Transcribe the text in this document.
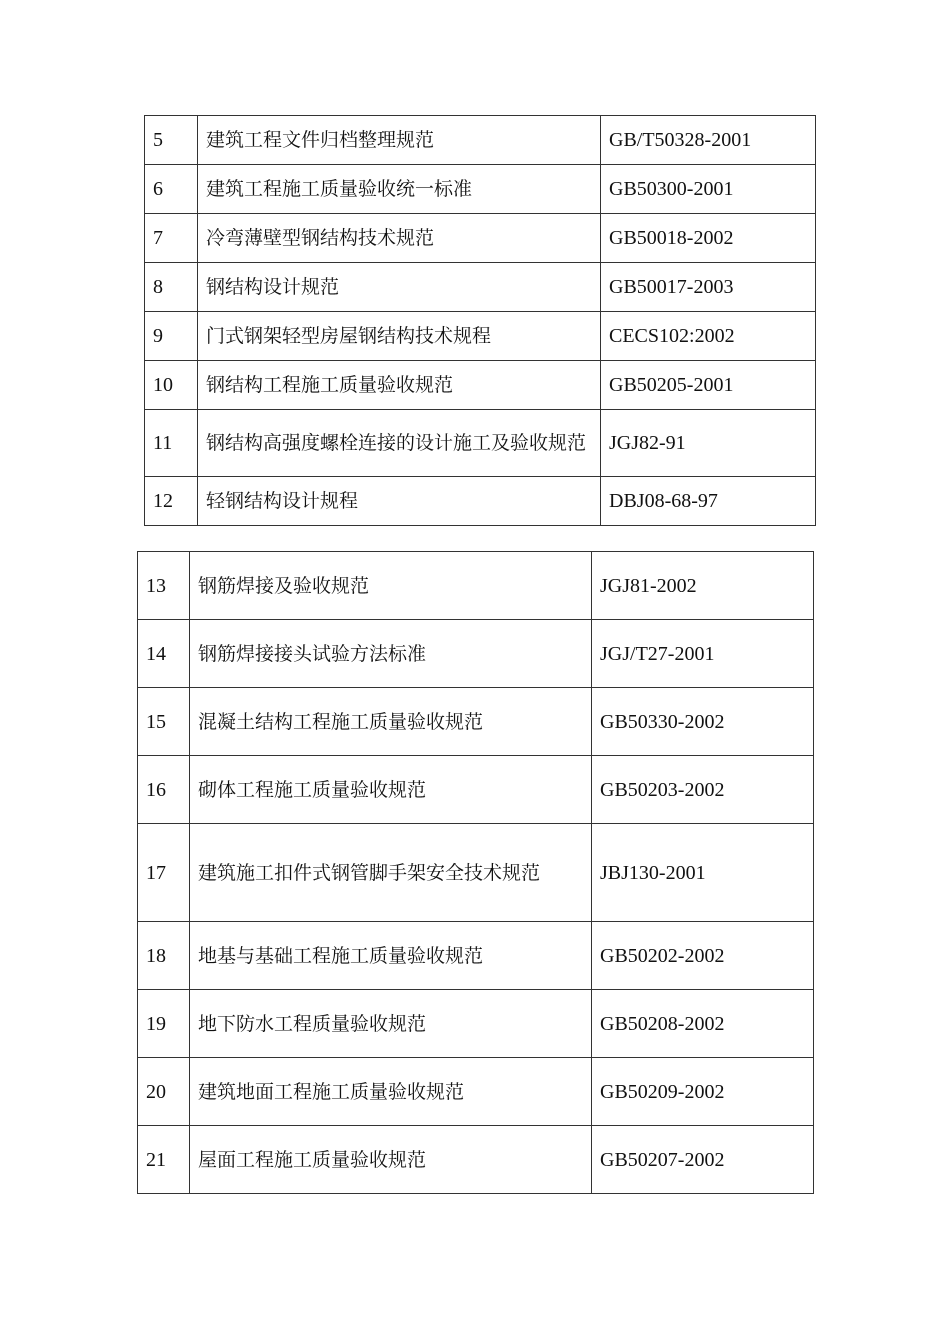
5	建筑工程文件归档整理规范	GB/T50328-2001
6	建筑工程施工质量验收统一标准	GB50300-2001
7	冷弯薄壁型钢结构技术规范	GB50018-2002
8	钢结构设计规范	GB50017-2003
9	门式钢架轻型房屋钢结构技术规程	CECS102:2002
10	钢结构工程施工质量验收规范	GB50205-2001
11	钢结构高强度螺栓连接的设计施工及验收规范	JGJ82-91
12	轻钢结构设计规程	DBJ08-68-97
13	钢筋焊接及验收规范	JGJ81-2002
14	钢筋焊接接头试验方法标准	JGJ/T27-2001
15	混凝土结构工程施工质量验收规范	GB50330-2002
16	砌体工程施工质量验收规范	GB50203-2002
17	建筑施工扣件式钢管脚手架安全技术规范	JBJ130-2001
18	地基与基础工程施工质量验收规范	GB50202-2002
19	地下防水工程质量验收规范	GB50208-2002
20	建筑地面工程施工质量验收规范	GB50209-2002
21	屋面工程施工质量验收规范	GB50207-2002
